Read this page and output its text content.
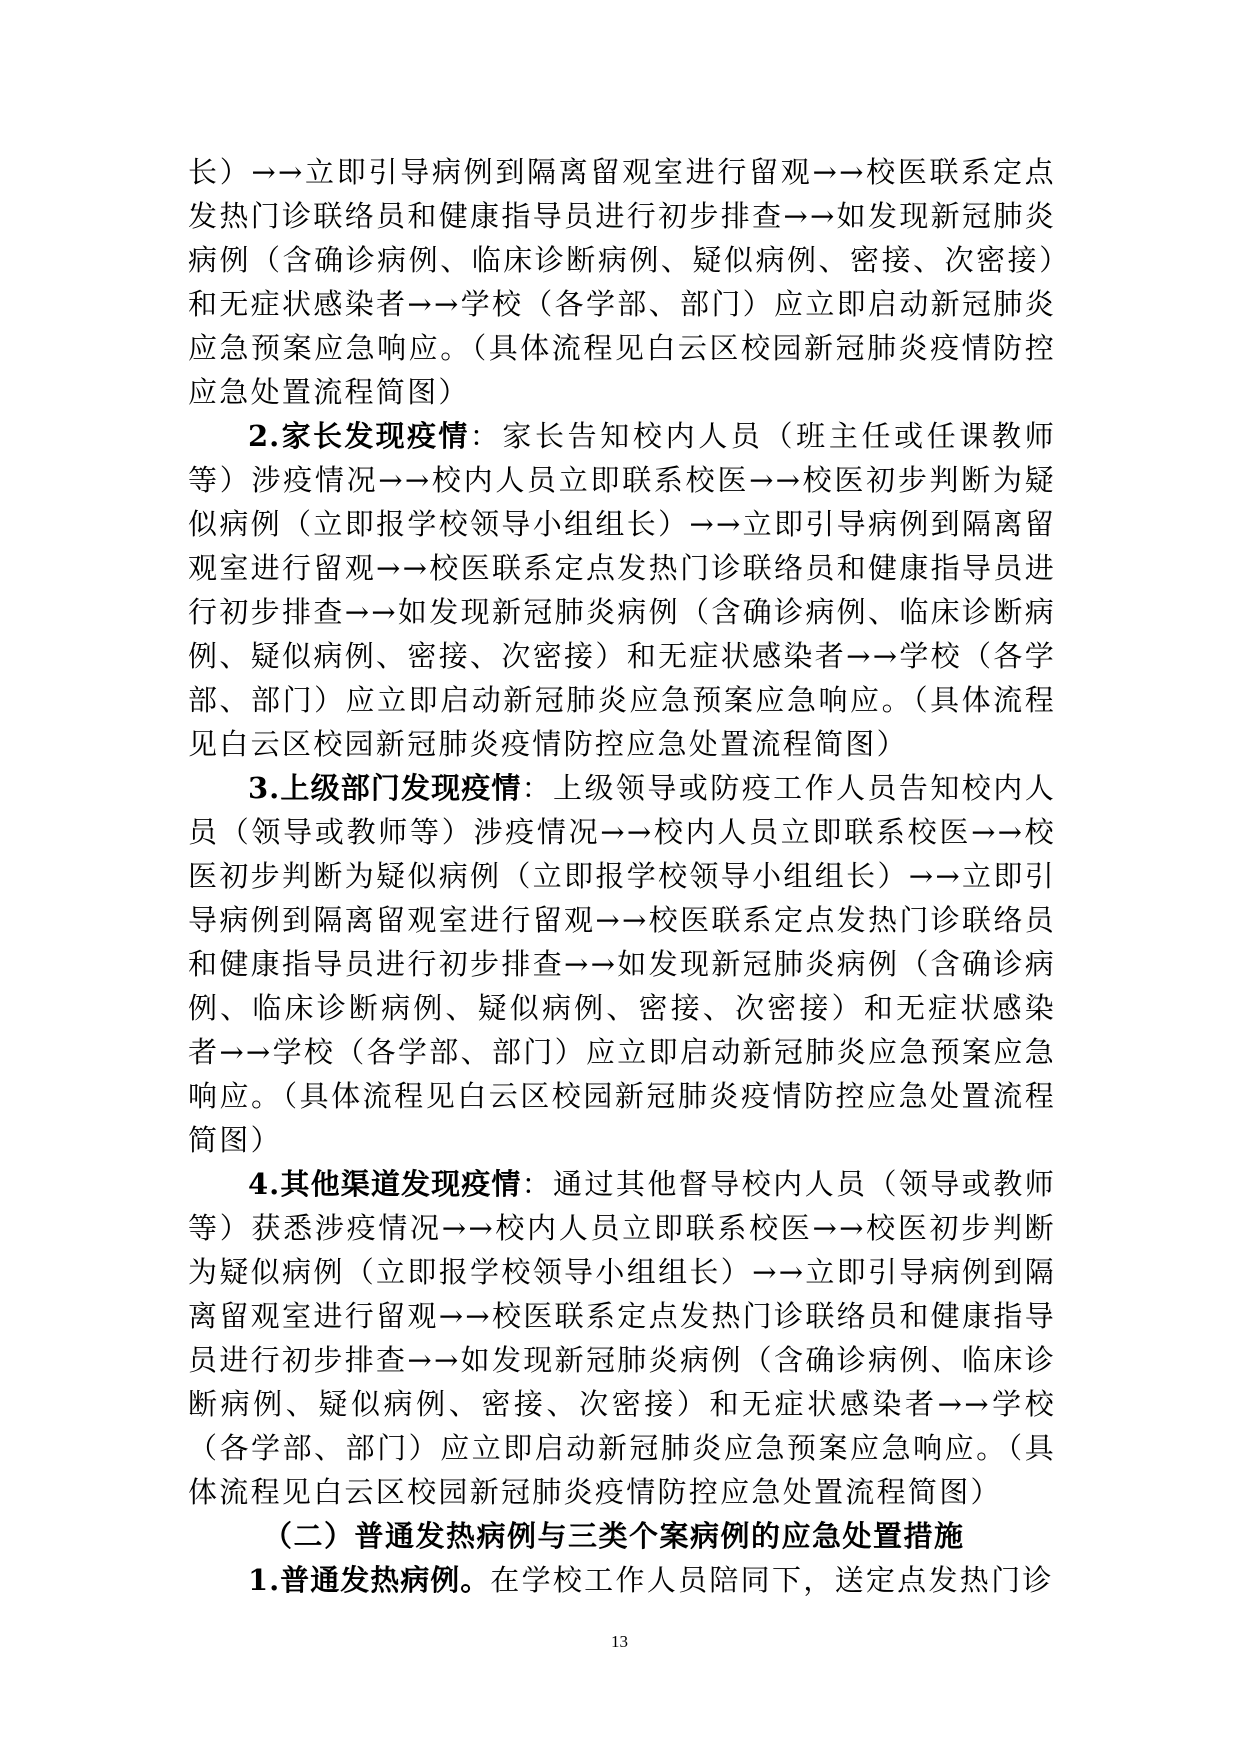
长）→→立即引导病例到隔离留观室进行留观→→校医联系定点发热门诊联络员和健康指导员进行初步排查→→如发现新冠肺炎病例（含确诊病例、临床诊断病例、疑似病例、密接、次密接）和无症状感染者→→学校（各学部、部门）应立即启动新冠肺炎应急预案应急响应。（具体流程见白云区校园新冠肺炎疫情防控应急处置流程简图）

2.家长发现疫情：家长告知校内人员（班主任或任课教师等）涉疫情况→→校内人员立即联系校医→→校医初步判断为疑似病例（立即报学校领导小组组长）→→立即引导病例到隔离留观室进行留观→→校医联系定点发热门诊联络员和健康指导员进行初步排查→→如发现新冠肺炎病例（含确诊病例、临床诊断病例、疑似病例、密接、次密接）和无症状感染者→→学校（各学部、部门）应立即启动新冠肺炎应急预案应急响应。（具体流程见白云区校园新冠肺炎疫情防控应急处置流程简图）

3.上级部门发现疫情：上级领导或防疫工作人员告知校内人员（领导或教师等）涉疫情况→→校内人员立即联系校医→→校医初步判断为疑似病例（立即报学校领导小组组长）→→立即引导病例到隔离留观室进行留观→→校医联系定点发热门诊联络员和健康指导员进行初步排查→→如发现新冠肺炎病例（含确诊病例、临床诊断病例、疑似病例、密接、次密接）和无症状感染者→→学校（各学部、部门）应立即启动新冠肺炎应急预案应急响应。（具体流程见白云区校园新冠肺炎疫情防控应急处置流程简图）

4.其他渠道发现疫情：通过其他督导校内人员（领导或教师等）获悉涉疫情况→→校内人员立即联系校医→→校医初步判断为疑似病例（立即报学校领导小组组长）→→立即引导病例到隔离留观室进行留观→→校医联系定点发热门诊联络员和健康指导员进行初步排查→→如发现新冠肺炎病例（含确诊病例、临床诊断病例、疑似病例、密接、次密接）和无症状感染者→→学校（各学部、部门）应立即启动新冠肺炎应急预案应急响应。（具体流程见白云区校园新冠肺炎疫情防控应急处置流程简图）

（二）普通发热病例与三类个案病例的应急处置措施

1.普通发热病例。在学校工作人员陪同下，送定点发热门诊

13
